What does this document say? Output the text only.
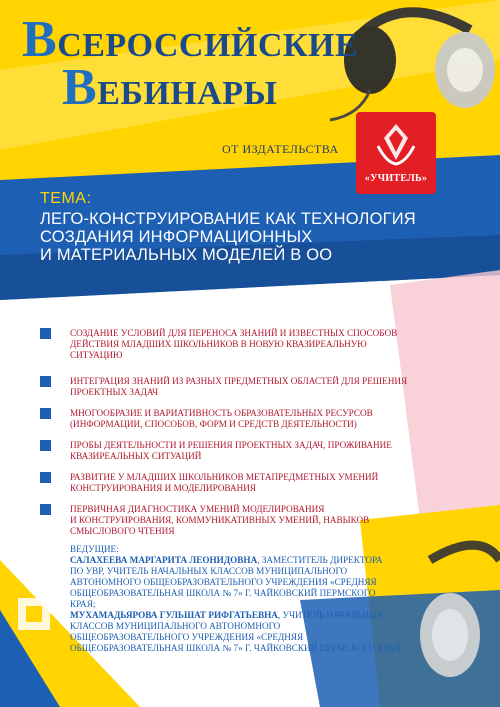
ВСЕРОССИЙСКИЕ
ВЕБИНАРЫ
ОТ ИЗДАТЕЛЬСТВА
«УЧИТЕЛЬ»
ТЕМА:
ЛЕГО-КОНСТРУИРОВАНИЕ КАК ТЕХНОЛОГИЯ
СОЗДАНИЯ ИНФОРМАЦИОННЫХ
И МАТЕРИАЛЬНЫХ МОДЕЛЕЙ В ОО
СОЗДАНИЕ УСЛОВИЙ ДЛЯ ПЕРЕНОСА ЗНАНИЙ И ИЗВЕСТНЫХ СПОСОБОВ
ДЕЙСТВИЯ МЛАДШИХ ШКОЛЬНИКОВ В НОВУЮ КВАЗИРЕАЛЬНУЮ
СИТУАЦИЮ
ИНТЕГРАЦИЯ ЗНАНИЙ ИЗ РАЗНЫХ ПРЕДМЕТНЫХ ОБЛАСТЕЙ ДЛЯ РЕШЕНИЯ
ПРОЕКТНЫХ ЗАДАЧ
МНОГООБРАЗИЕ И ВАРИАТИВНОСТЬ ОБРАЗОВАТЕЛЬНЫХ РЕСУРСОВ
(ИНФОРМАЦИИ, СПОСОБОВ, ФОРМ И СРЕДСТВ ДЕЯТЕЛЬНОСТИ)
ПРОБЫ ДЕЯТЕЛЬНОСТИ И РЕШЕНИЯ ПРОЕКТНЫХ ЗАДАЧ, ПРОЖИВАНИЕ
КВАЗИРЕАЛЬНЫХ СИТУАЦИЙ
РАЗВИТИЕ У МЛАДШИХ ШКОЛЬНИКОВ МЕТАПРЕДМЕТНЫХ УМЕНИЙ
КОНСТРУИРОВАНИЯ И МОДЕЛИРОВАНИЯ
ПЕРВИЧНАЯ ДИАГНОСТИКА УМЕНИЙ МОДЕЛИРОВАНИЯ
И КОНСТРУИРОВАНИЯ, КОММУНИКАТИВНЫХ УМЕНИЙ, НАВЫКОВ
СМЫСЛОВОГО ЧТЕНИЯ
ВЕДУЩИЕ:
САЛАХЕЕВА МАРГАРИТА ЛЕОНИДОВНА, ЗАМЕСТИТЕЛЬ ДИРЕКТОРА
ПО УВР, УЧИТЕЛЬ НАЧАЛЬНЫХ КЛАССОВ МУНИЦИПАЛЬНОГО
АВТОНОМНОГО ОБЩЕОБРАЗОВАТЕЛЬНОГО УЧРЕЖДЕНИЯ «СРЕДНЯЯ
ОБЩЕОБРАЗОВАТЕЛЬНАЯ ШКОЛА № 7» Г. ЧАЙКОВСКИЙ ПЕРМСКОГО
КРАЯ;
МУХАМАДЬЯРОВА ГУЛЬШАТ РИФГАТЬЕВНА, УЧИТЕЛЬ НАЧАЛЬНЫХ
КЛАССОВ МУНИЦИПАЛЬНОГО АВТОНОМНОГО
ОБЩЕОБРАЗОВАТЕЛЬНОГО УЧРЕЖДЕНИЯ «СРЕДНЯЯ
ОБЩЕОБРАЗОВАТЕЛЬНАЯ ШКОЛА № 7» Г. ЧАЙКОВСКИЙ ПЕРМСКОГО КРАЯ
